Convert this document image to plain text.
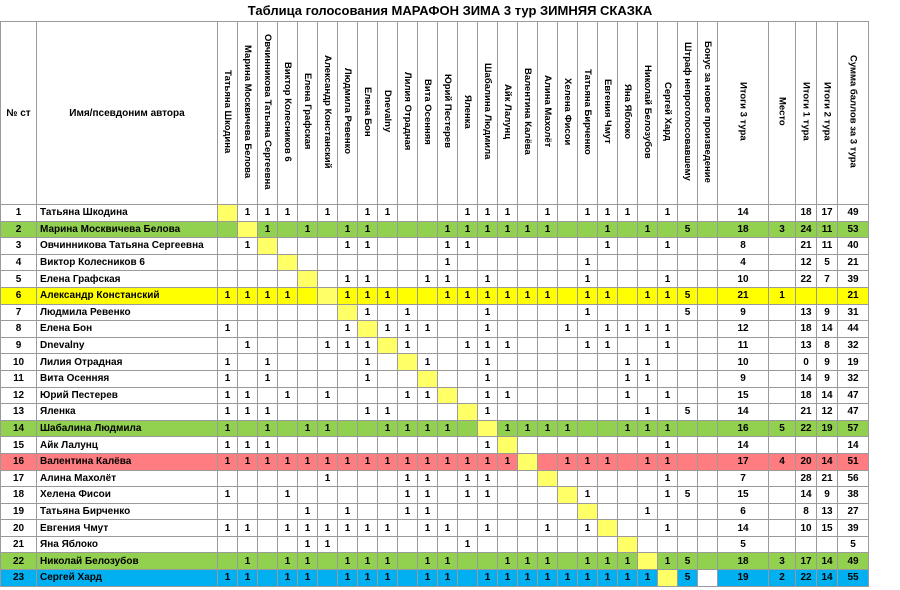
Таблица голосования МАРАФОН ЗИМА 3 тур ЗИМНЯЯ СКАЗКА
№ ст	Имя/псевдоним автора	Татьяна Шкодина	Марина Москвичева Белова	Овчинникова Татьяна Сергеевна	Виктор Колесников 6	Елена Графская	Александр Констанский	Людмила Ревенко	Елена Бон	Dnevalny	Лилия Отрадная	Вита Осенняя	Юрий Пестерев	Яленка	Шабалина Людмила	Айк Лалунц	Валентина Калёва	Алина Махолёт	Хелена Фисои	Татьяна Бирченко	Евгения Чмут	Яна Яблоко	Николай Белозубов	Сергей Хард	Штраф непроголосовавшему	Бонус за новое произведение	Итоги 3 тура	Место	Итоги 1 тура	Итоги 2 тура	Сумма баллов за 3 тура
1	Татьяна Шкодина		1	1	1		1		1	1				1	1	1		1		1	1	1		1			14		18	17	49
2	Марина Москвичева Белова			1		1		1	1				1	1	1	1	1	1			1		1		5		18	3	24	11	53
3	Овчинникова Татьяна Сергеевна		1					1	1				1	1							1			1			8		21	11	40
4	Виктор Колесников 6												1							1							4		12	5	21
5	Елена Графская							1	1			1	1		1					1				1			10		22	7	39
6	Александр Констанский	1	1	1	1			1	1	1			1	1	1	1	1	1		1	1		1	1	5		21	1			21
7	Людмила Ревенко								1		1				1					1					5		9		13	9	31
8	Елена Бон	1						1		1	1	1			1				1		1	1	1	1			12		18	14	44
9	Dnevalny		1				1	1	1		1			1	1	1				1	1			1			11		13	8	32
10	Лилия Отрадная	1		1					1			1			1							1	1				10		0	9	19
11	Вита Осенняя	1		1					1						1							1	1				9		14	9	32
12	Юрий Пестерев	1	1		1		1				1	1			1	1						1		1			15		18	14	47
13	Яленка	1	1	1					1	1					1								1		5		14		21	12	47
14	Шабалина Людмила	1		1		1	1			1	1	1	1			1	1	1	1			1	1	1			16	5	22	19	57
15	Айк Лалунц	1	1	1											1									1			14				14
16	Валентина Калёва	1	1	1	1	1	1	1	1	1	1	1	1	1	1	1			1	1	1		1	1			17	4	20	14	51
17	Алина Махолёт						1				1	1		1	1									1			7		28	21	56
18	Хелена Фисои	1			1						1	1		1	1					1				1	5		15		14	9	38
19	Татьяна Бирченко					1		1			1	1											1				6		8	13	27
20	Евгения Чмут	1	1		1	1	1	1	1	1		1	1		1			1		1				1			14		10	15	39
21	Яна Яблоко					1	1							1													5				5
22	Николай Белозубов		1		1	1		1	1	1		1	1			1	1	1		1	1	1		1	5		18	3	17	14	49
23	Сергей Хард	1	1		1	1		1	1	1		1	1		1	1	1	1	1	1	1	1	1		5		19	2	22	14	55
